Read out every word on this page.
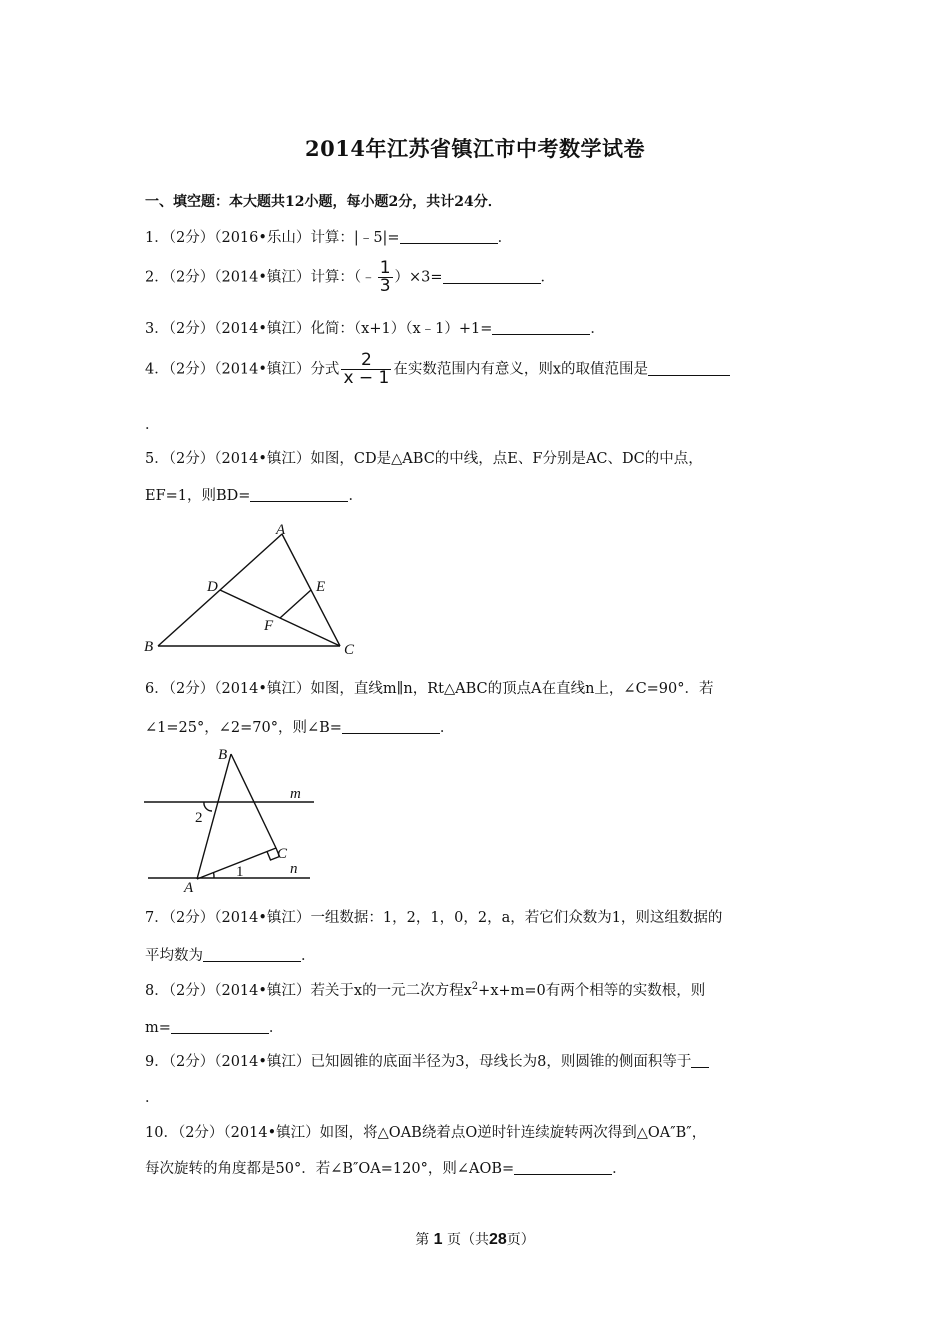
2014年江苏省镇江市中考数学试卷
一、填空题：本大题共12小题，每小题2分，共计24分．
1．（2分）（2016•乐山）计算：|﹣5|=	．
2．（2分）（2014•镇江）计算：（﹣ $\frac{1}{3} )\times 3=$	．
3．（2分）（2014•镇江）化简：（x+1）（x﹣1）+1=	．
4．（2分）（2014•镇江）分式 $\frac{2}{x - 1}$ 在实数范围内有意义，则x的取值范围是
．
5．（2分）（2014•镇江）如图，CD是△ABC的中线，点E、F分别是AC、DC的中点，
EF=1，则BD=	．
A
B	C
D	E
F
6．（2分）（2014•镇江）如图，直线m∥n，Rt△ABC的顶点A在直线n上，∠C=90°．若
∠1=25°，∠2=70°，则∠B=	．
B
C
A
m
n
1
2
7．（2分）（2014•镇江）一组数据：1，2，1，0，2，a，若它们众数为1，则这组数据的
平均数为	．
8．（2分）（2014•镇江）若关于x的一元二次方程$x^2+x+m=0$有两个相等的实数根，则
m=	．
9．（2分）（2014•镇江）已知圆锥的底面半径为3，母线长为8，则圆锥的侧面积等于
．
10．（2分）（2014•镇江）如图，将△OAB绕着点O逆时针连续旋转两次得到△OA″B″，
每次旋转的角度都是50°．若∠B″OA=120°，则∠AOB=	．
第 1 页（共28页）
